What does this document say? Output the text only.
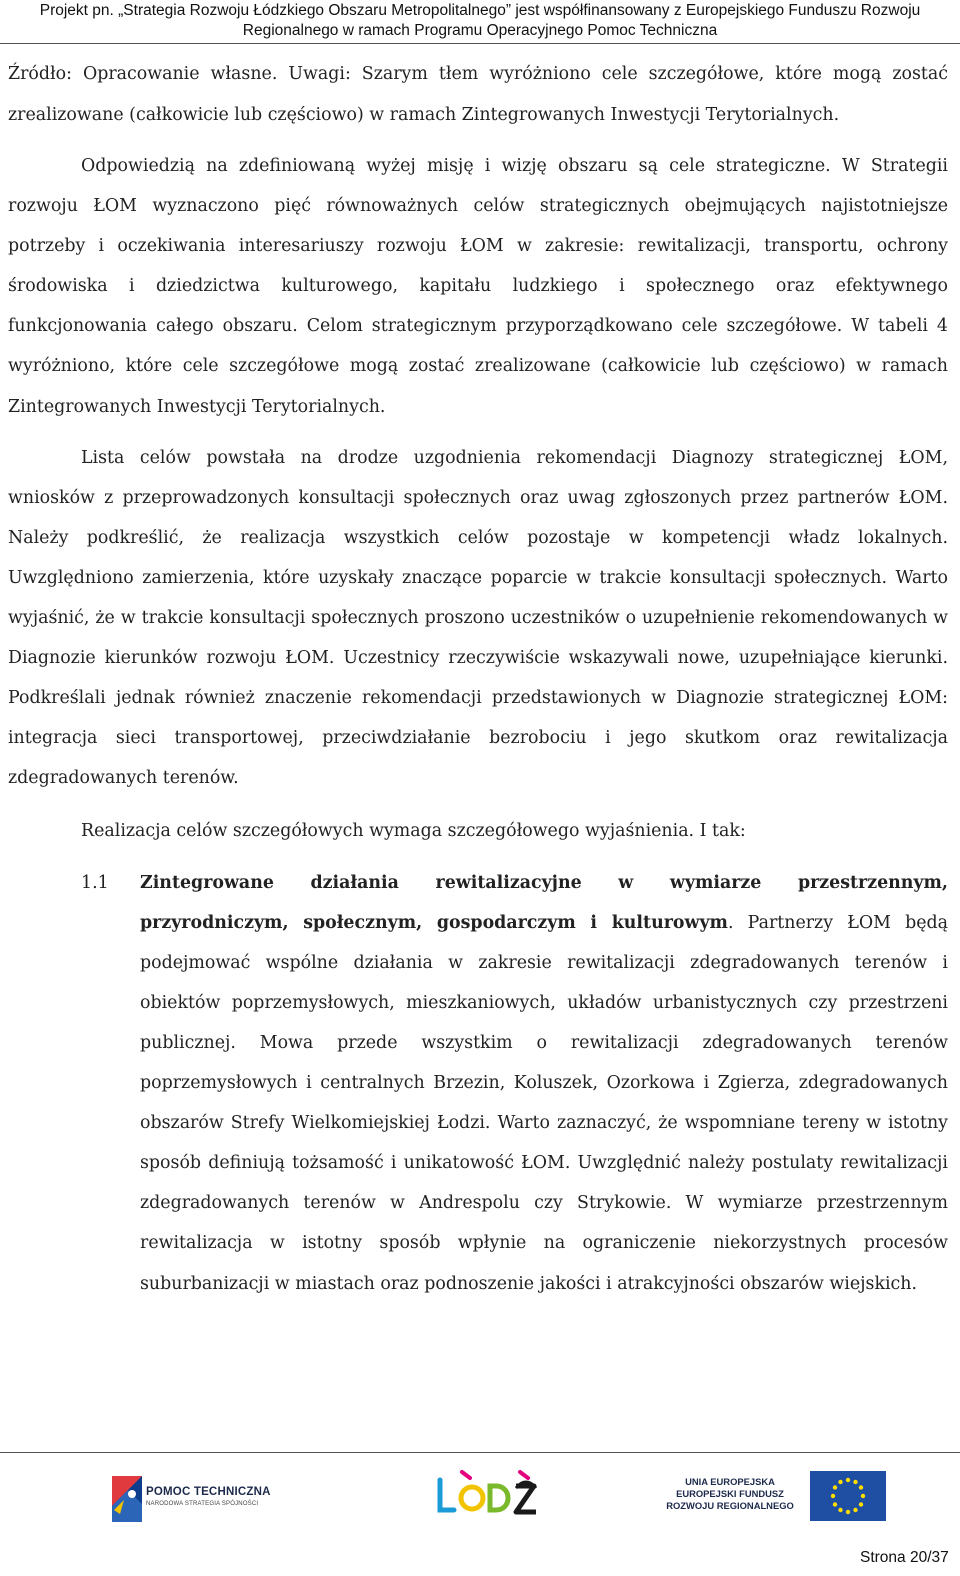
Projekt pn. „Strategia Rozwoju Łódzkiego Obszaru Metropolitalnego” jest współfinansowany z Europejskiego Funduszu Rozwoju
Regionalnego w ramach Programu Operacyjnego Pomoc Techniczna

Źródło: Opracowanie własne. Uwagi: Szarym tłem wyróżniono cele szczegółowe, które mogą zostać zrealizowane (całkowicie lub częściowo) w ramach Zintegrowanych Inwestycji Terytorialnych.

Odpowiedzią na zdefiniowaną wyżej misję i wizję obszaru są cele strategiczne. W Strategii rozwoju ŁOM wyznaczono pięć równoważnych celów strategicznych obejmujących najistotniejsze potrzeby i oczekiwania interesariuszy rozwoju ŁOM w zakresie: rewitalizacji, transportu, ochrony środowiska i dziedzictwa kulturowego, kapitału ludzkiego i społecznego oraz efektywnego funkcjonowania całego obszaru. Celom strategicznym przyporządkowano cele szczegółowe. W tabeli 4 wyróżniono, które cele szczegółowe mogą zostać zrealizowane (całkowicie lub częściowo) w ramach Zintegrowanych Inwestycji Terytorialnych.

Lista celów powstała na drodze uzgodnienia rekomendacji Diagnozy strategicznej ŁOM, wniosków z przeprowadzonych konsultacji społecznych oraz uwag zgłoszonych przez partnerów ŁOM. Należy podkreślić, że realizacja wszystkich celów pozostaje w kompetencji władz lokalnych. Uwzględniono zamierzenia, które uzyskały znaczące poparcie w trakcie konsultacji społecznych. Warto wyjaśnić, że w trakcie konsultacji społecznych proszono uczestników o uzupełnienie rekomendowanych w Diagnozie kierunków rozwoju ŁOM. Uczestnicy rzeczywiście wskazywali nowe, uzupełniające kierunki. Podkreślali jednak również znaczenie rekomendacji przedstawionych w Diagnozie strategicznej ŁOM: integracja sieci transportowej, przeciwdziałanie bezrobociu i jego skutkom oraz rewitalizacja zdegradowanych terenów.

Realizacja celów szczegółowych wymaga szczegółowego wyjaśnienia. I tak:

1.1 Zintegrowane działania rewitalizacyjne w wymiarze przestrzennym, przyrodniczym, społecznym, gospodarczym i kulturowym. Partnerzy ŁOM będą podejmować wspólne działania w zakresie rewitalizacji zdegradowanych terenów i obiektów poprzemysłowych, mieszkaniowych, układów urbanistycznych czy przestrzeni publicznej. Mowa przede wszystkim o rewitalizacji zdegradowanych terenów poprzemysłowych i centralnych Brzezin, Koluszek, Ozorkowa i Zgierza, zdegradowanych obszarów Strefy Wielkomiejskiej Łodzi. Warto zaznaczyć, że wspomniane tereny w istotny sposób definiują tożsamość i unikatowość ŁOM. Uwzględnić należy postulaty rewitalizacji zdegradowanych terenów w Andrespolu czy Strykowie. W wymiarze przestrzennym rewitalizacja w istotny sposób wpłynie na ograniczenie niekorzystnych procesów suburbanizacji w miastach oraz podnoszenie jakości i atrakcyjności obszarów wiejskich.

POMOC TECHNICZNA
NARODOWA STRATEGIA SPÓJNOŚCI
UNIA EUROPEJSKA
EUROPEJSKI FUNDUSZ
ROZWOJU REGIONALNEGO
Strona 20/37
